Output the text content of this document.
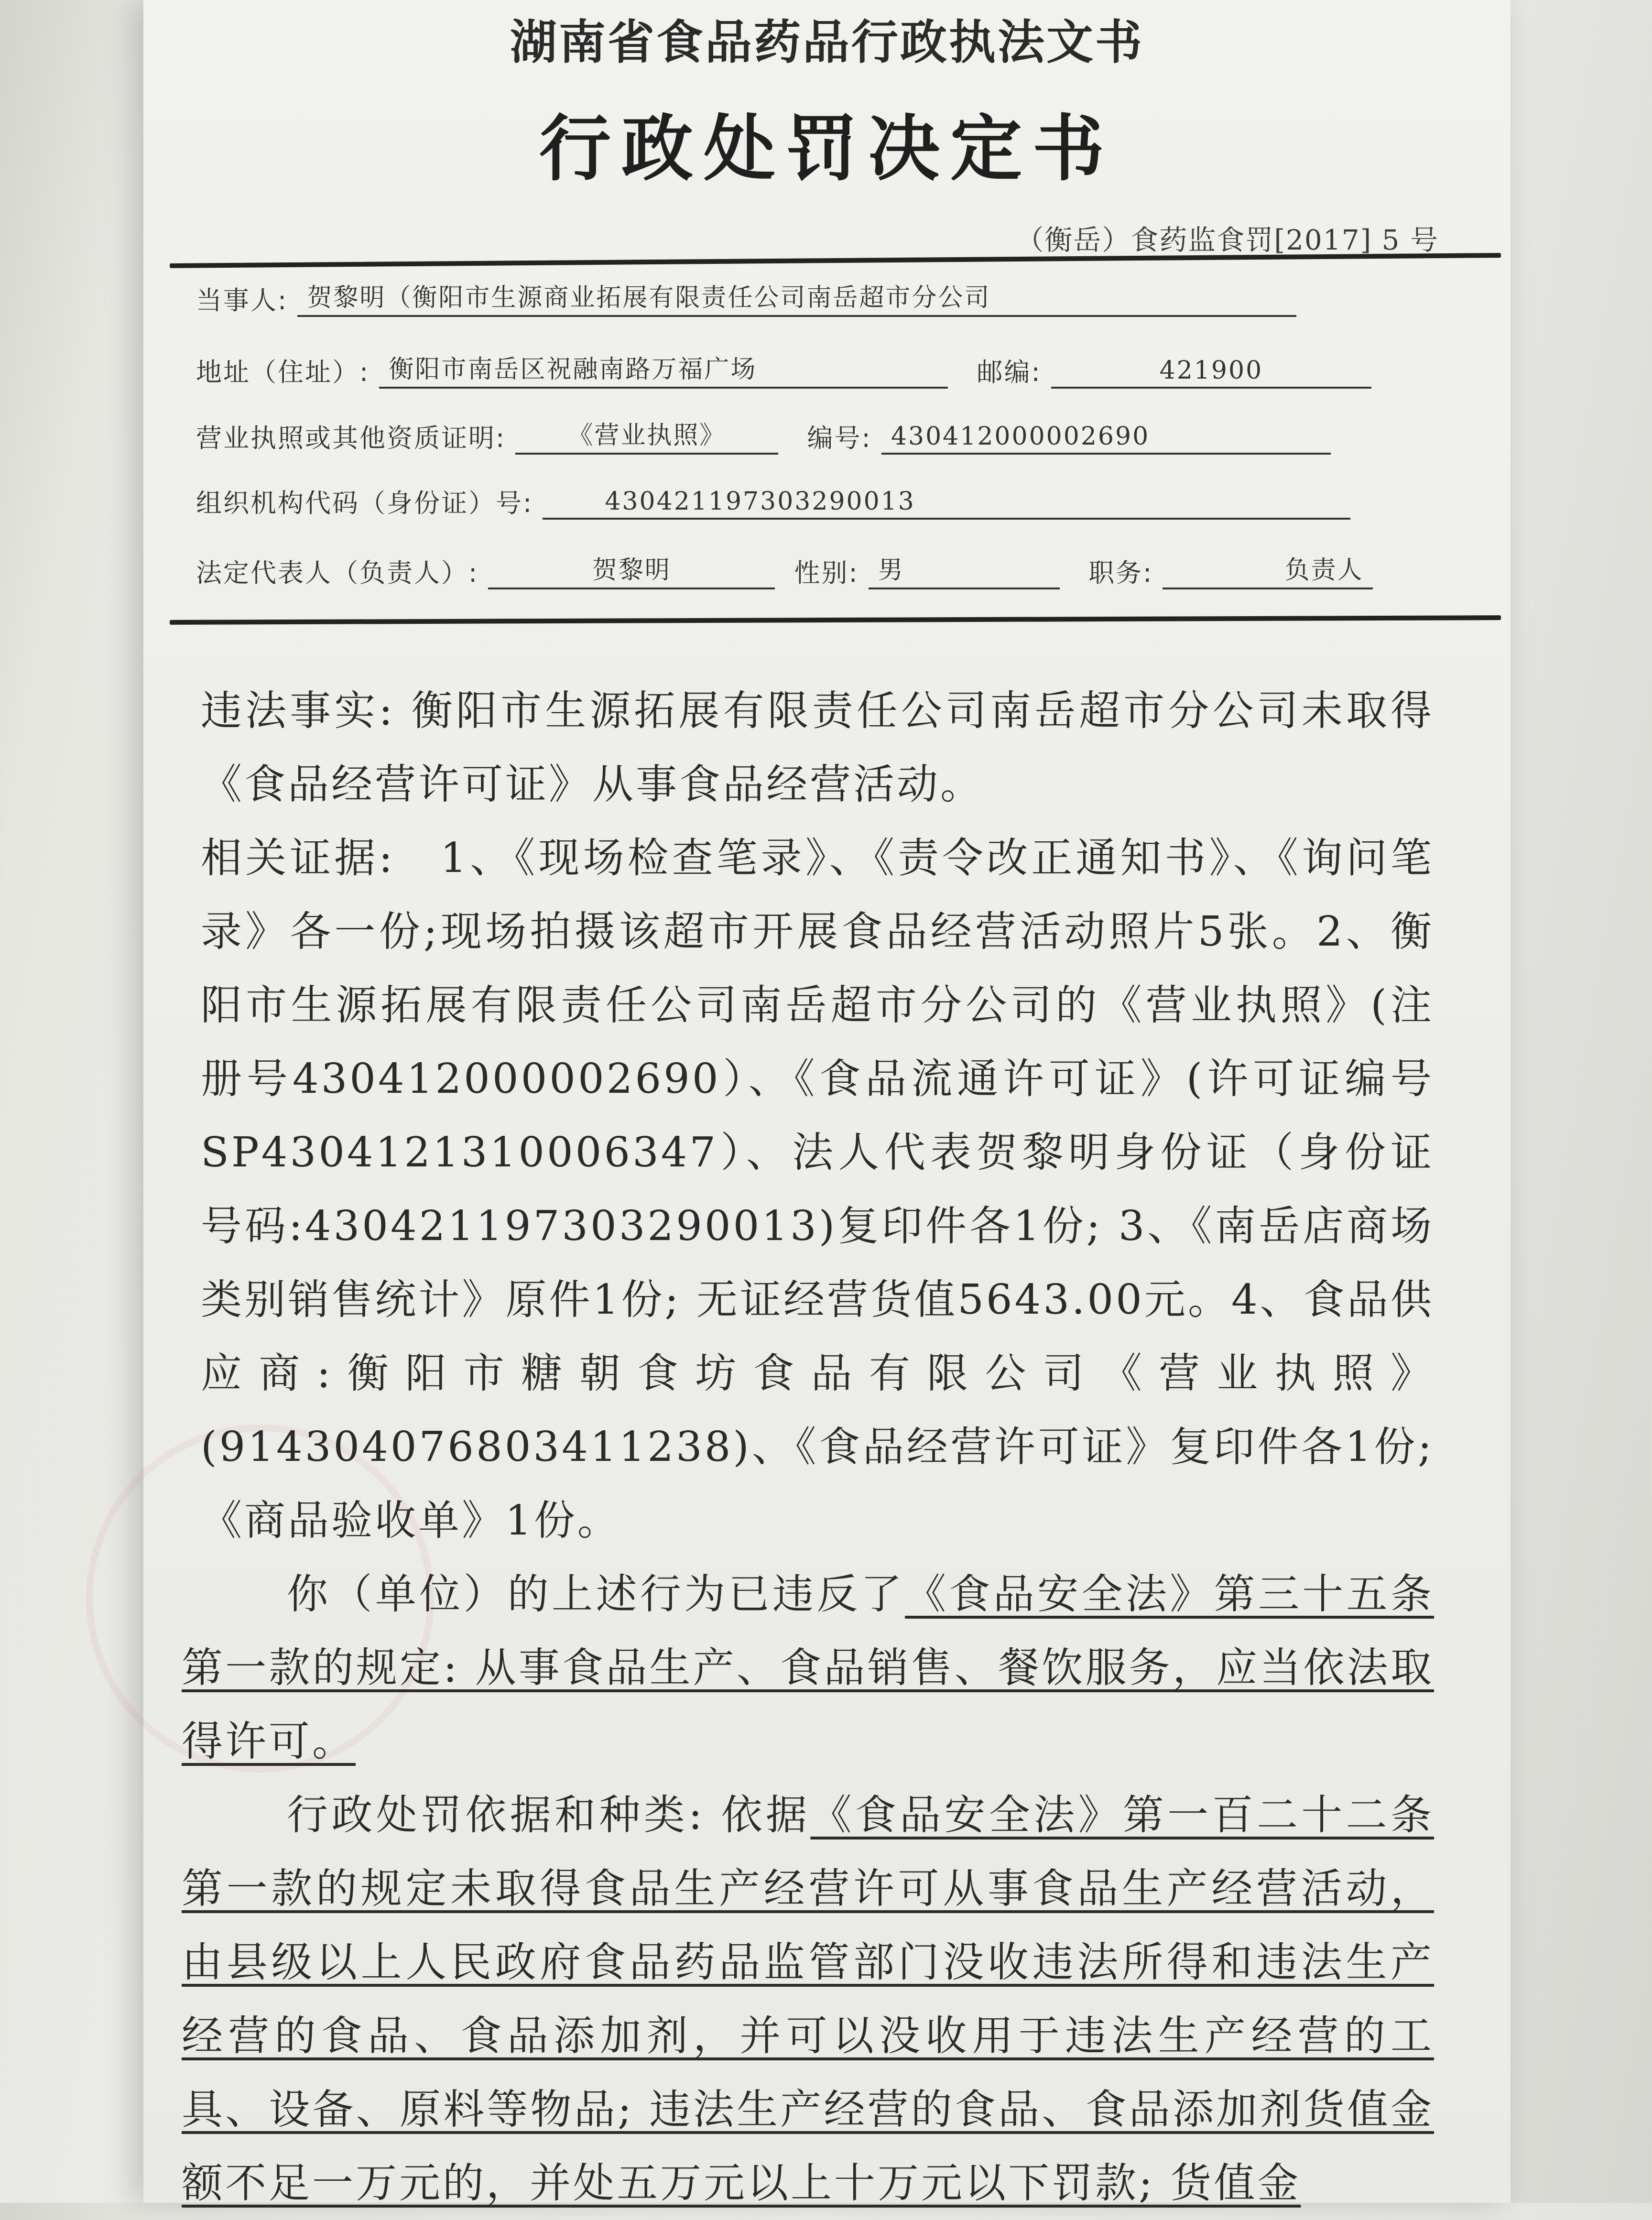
湖南省食品药品行政执法文书
行政处罚决定书
（衡岳）食药监食罚[2017] 5 号
当事人: 贺黎明（衡阳市生源商业拓展有限责任公司南岳超市分公司
地址（住址）: 衡阳市南岳区祝融南路万福广场	邮编:	421900
营业执照或其他资质证明:	《营业执照》	编号: 430412000002690
组织机构代码（身份证）号:	430421197303290013
法定代表人（负责人）:	贺黎明	性别: 男	职务:	负责人

违法事实: 衡阳市生源拓展有限责任公司南岳超市分公司未取得《食品经营许可证》从事食品经营活动。

相关证据:　1、《现场检查笔录》、《责令改正通知书》、《询问笔录》各一份;现场拍摄该超市开展食品经营活动照片5张。2、衡阳市生源拓展有限责任公司南岳超市分公司的《营业执照》(注册号430412000002690）、《食品流通许可证》(许可证编号SP4304121310006347）、法人代表贺黎明身份证（身份证号码:430421197303290013)复印件各1份; 3、《南岳店商场类别销售统计》原件1份; 无证经营货值5643.00元。4、食品供应商:衡阳市糖朝食坊食品有限公司《营业执照》(914304076803411238)、《食品经营许可证》复印件各1份;《商品验收单》1份。

你（单位）的上述行为已违反了《食品安全法》第三十五条第一款的规定: 从事食品生产、食品销售、餐饮服务，应当依法取得许可。

行政处罚依据和种类: 依据《食品安全法》第一百二十二条第一款的规定未取得食品生产经营许可从事食品生产经营活动，由县级以上人民政府食品药品监管部门没收违法所得和违法生产经营的食品、食品添加剂，并可以没收用于违法生产经营的工具、设备、原料等物品; 违法生产经营的食品、食品添加剂货值金额不足一万元的，并处五万元以上十万元以下罚款; 货值金
